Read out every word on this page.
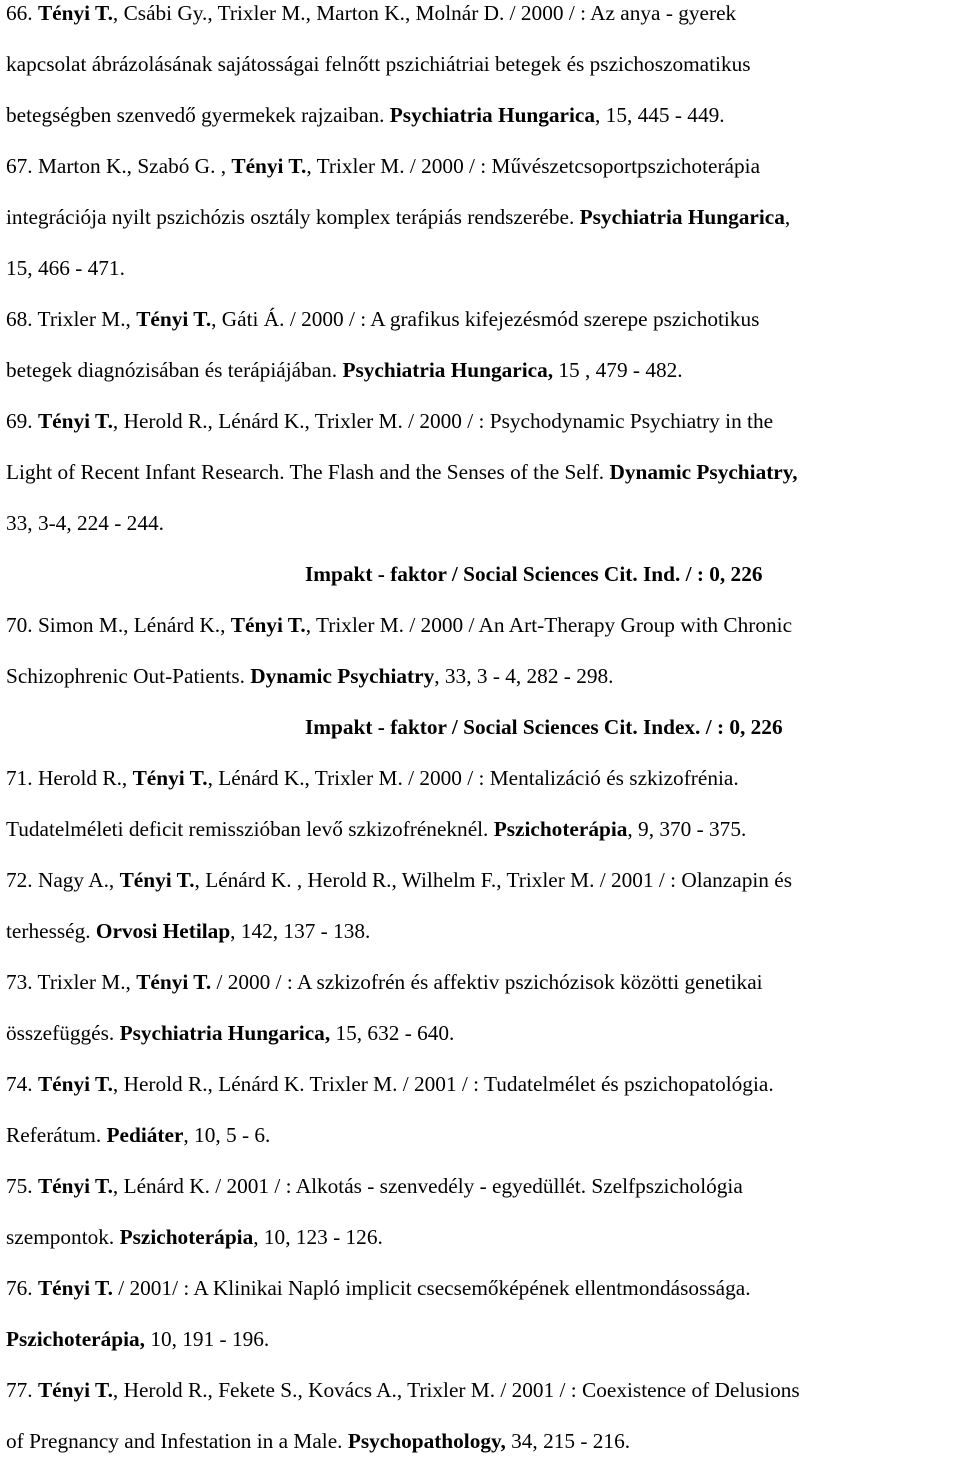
66. Tényi T., Csábi Gy., Trixler M., Marton K., Molnár D. / 2000 / : Az anya - gyerek
kapcsolat ábrázolásának sajátosságai felnőtt pszichiátriai betegek és pszichoszomatikus
betegségben szenvedő gyermekek rajzaiban. Psychiatria Hungarica, 15, 445 - 449.
67. Marton K., Szabó G. , Tényi T., Trixler M. / 2000 / : Művészetcsoportpszichoterápia
integrációja nyilt pszichózis osztály komplex terápiás rendszerébe. Psychiatria Hungarica,
15, 466 - 471.
68. Trixler M., Tényi T., Gáti Á. / 2000 / : A grafikus kifejezésmód szerepe pszichotikus
betegek diagnózisában és terápiájában. Psychiatria Hungarica, 15 , 479 - 482.
69. Tényi T., Herold R., Lénárd K., Trixler M. / 2000 / : Psychodynamic Psychiatry in the
Light of Recent Infant Research. The Flash and the Senses of the Self. Dynamic Psychiatry,
33, 3-4, 224 - 244.
Impakt - faktor / Social Sciences Cit. Ind. / : 0, 226
70. Simon M., Lénárd K., Tényi T., Trixler M. / 2000 / An Art-Therapy Group with Chronic
Schizophrenic Out-Patients. Dynamic Psychiatry, 33, 3 - 4, 282 - 298.
Impakt - faktor / Social Sciences Cit. Index. / : 0, 226
71. Herold R., Tényi T., Lénárd K., Trixler M. / 2000 / : Mentalizáció és szkizofrénia.
Tudatelméleti deficit remisszióban levő szkizofréneknél. Pszichoterápia, 9, 370 - 375.
72. Nagy A., Tényi T., Lénárd K. , Herold R., Wilhelm F., Trixler M. / 2001 / : Olanzapin és
terhesség. Orvosi Hetilap, 142, 137 - 138.
73. Trixler M., Tényi T. / 2000 / : A szkizofrén és affektiv pszichózisok közötti genetikai
összefüggés. Psychiatria Hungarica, 15, 632 - 640.
74. Tényi T., Herold R., Lénárd K. Trixler M. / 2001 / : Tudatelmélet és pszichopatológia.
Referátum. Pediáter, 10, 5 - 6.
75. Tényi T., Lénárd K. / 2001 / : Alkotás - szenvedély - egyedüllét. Szelfpszichológia
szempontok. Pszichoterápia, 10, 123 - 126.
76. Tényi T. / 2001/ : A Klinikai Napló implicit csecsemőképének ellentmondásossága.
Pszichoterápia, 10, 191 - 196.
77. Tényi T., Herold R., Fekete S., Kovács A., Trixler M. / 2001 / : Coexistence of Delusions
of Pregnancy and Infestation in a Male. Psychopathology, 34, 215 - 216.
